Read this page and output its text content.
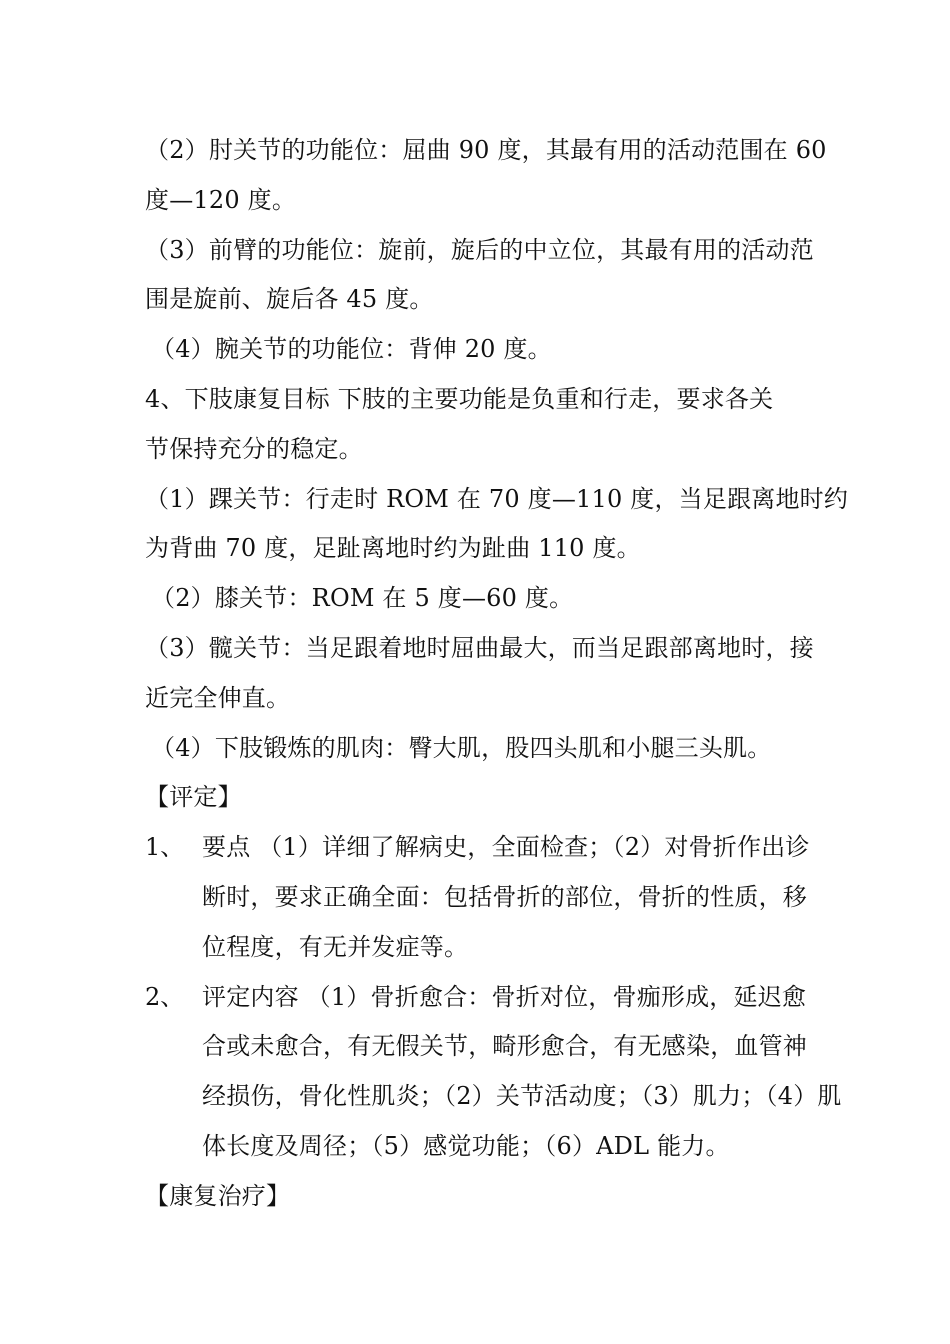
（2）肘关节的功能位：屈曲 90 度，其最有用的活动范围在 60
度—120 度。
（3）前臂的功能位：旋前，旋后的中立位，其最有用的活动范
围是旋前、旋后各 45 度。
（4）腕关节的功能位：背伸 20 度。
4、下肢康复目标 下肢的主要功能是负重和行走，要求各关
节保持充分的稳定。
（1）踝关节：行走时 ROM 在 70 度—110 度，当足跟离地时约
为背曲 70 度，足趾离地时约为趾曲 110 度。
（2）膝关节：ROM 在 5 度—60 度。
（3）髋关节：当足跟着地时屈曲最大，而当足跟部离地时，接
近完全伸直。
（4）下肢锻炼的肌肉：臀大肌，股四头肌和小腿三头肌。
【评定】
1、 要点 （1）详细了解病史，全面检查；（2）对骨折作出诊
断时，要求正确全面：包括骨折的部位，骨折的性质，移
位程度，有无并发症等。
2、 评定内容 （1）骨折愈合：骨折对位，骨痂形成，延迟愈
合或未愈合，有无假关节，畸形愈合，有无感染，血管神
经损伤，骨化性肌炎；（2）关节活动度；（3）肌力；（4）肌
体长度及周径；（5）感觉功能；（6）ADL 能力。
【康复治疗】
